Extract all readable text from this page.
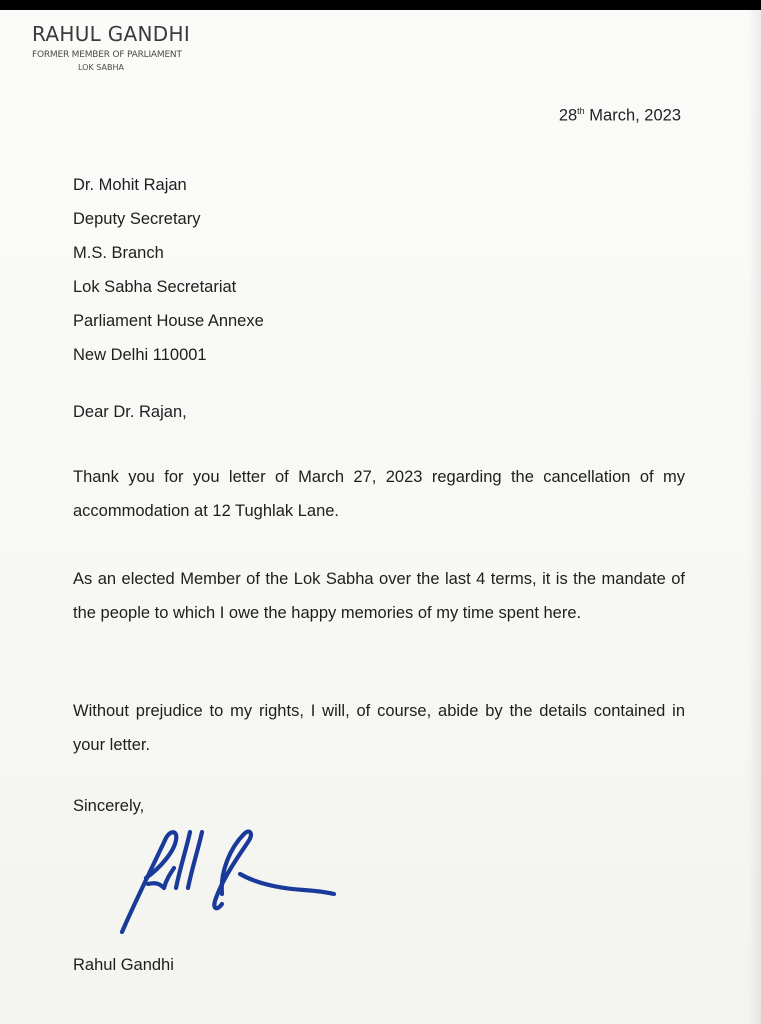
RAHUL GANDHI
FORMER MEMBER OF PARLIAMENT
LOK SABHA
28th March, 2023
Dr. Mohit Rajan
Deputy Secretary
M.S. Branch
Lok Sabha Secretariat
Parliament House Annexe
New Delhi 110001
Dear Dr. Rajan,

Thank you for you letter of March 27, 2023 regarding the cancellation of my accommodation at 12 Tughlak Lane.

As an elected Member of the Lok Sabha over the last 4 terms, it is the mandate of the people to which I owe the happy memories of my time spent here.

Without prejudice to my rights, I will, of course, abide by the details contained in your letter.

Sincerely,
Rahul Gandhi
